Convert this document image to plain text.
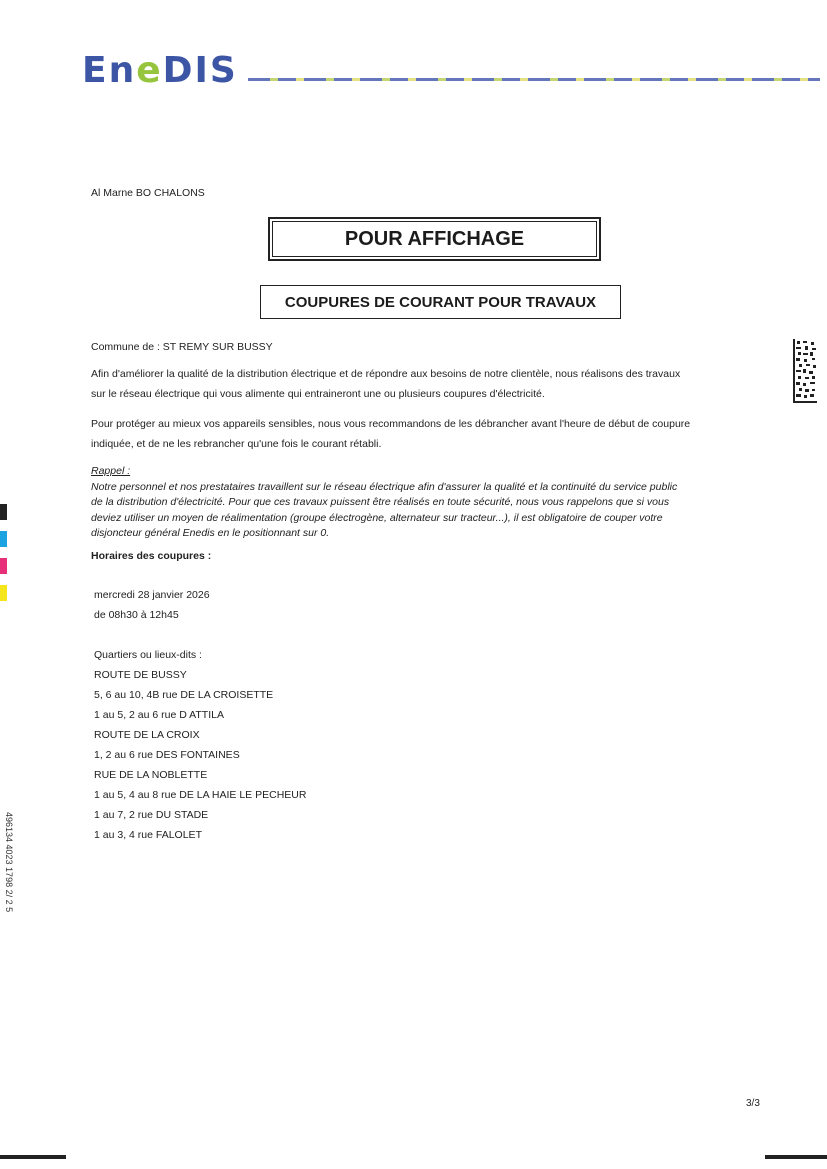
EneDIS
Al Marne BO CHALONS
POUR AFFICHAGE
COUPURES DE COURANT POUR TRAVAUX
Commune de : ST REMY SUR BUSSY
Afin d'améliorer la qualité de la distribution électrique et de répondre aux besoins de notre clientèle, nous réalisons des travaux
sur le réseau électrique qui vous alimente qui entraineront une ou plusieurs coupures d'électricité.
Pour protéger au mieux vos appareils sensibles, nous vous recommandons de les débrancher avant l'heure de début de coupure
indiquée, et de ne les rebrancher qu'une fois le courant rétabli.
Rappel :
Notre personnel et nos prestataires travaillent sur le réseau électrique afin d'assurer la qualité et la continuité du service public
de la distribution d'électricité. Pour que ces travaux puissent être réalisés en toute sécurité, nous vous rappelons que si vous
deviez utiliser un moyen de réalimentation (groupe électrogène, alternateur sur tracteur...), il est obligatoire de couper votre
disjoncteur général Enedis en le positionnant sur 0.
Horaires des coupures :
mercredi 28 janvier 2026
de 08h30 à 12h45
Quartiers ou lieux-dits :
ROUTE DE BUSSY
5, 6 au 10, 4B rue DE LA CROISETTE
1 au 5, 2 au 6 rue D ATTILA
ROUTE DE LA CROIX
1, 2 au 6 rue DES FONTAINES
RUE DE LA NOBLETTE
1 au 5, 4 au 8 rue DE LA HAIE LE PECHEUR
1 au 7, 2 rue DU STADE
1 au 3, 4 rue FALOLET
496134 4023 1798 2/ 2 5
3/3
